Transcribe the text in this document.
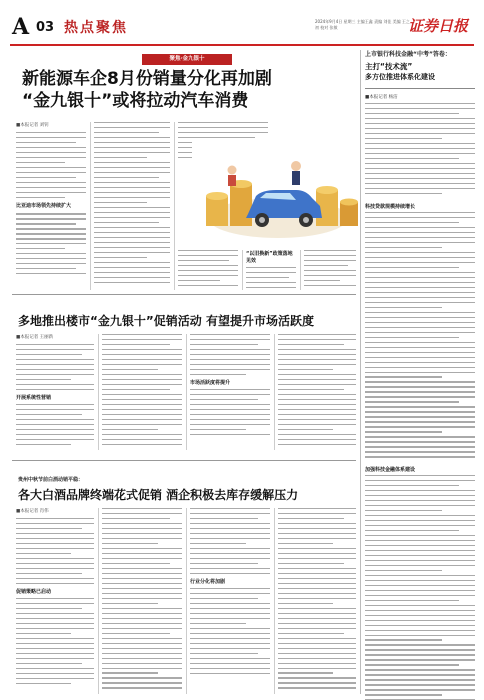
A 03 热点聚焦	2024年9月4日 星期三 主编王鑫 责编 刘佳 美编 王之初 校对 张敏	证券日报
聚焦·金九银十
新能源车企8月份销量分化再加剧
“金九银十”或将拉动汽车消费
■本报记者 刘钊
比亚迪市场领先持续扩大
“以旧换新”政策落地见效
多地推出楼市“金九银十”促销活动 有望提升市场活跃度
■本报记者 王丽新
开展系统性营销
市场活跃度将提升
贵州中秋节前白酒动销平稳：
各大白酒品牌终端花式促销 酒企积极去库存缓解压力
■本报记者 肖伟
促销策略已启动
行业分化将加剧
上市银行科技金融“中考”答卷：
主打“技术流”
多方位推进体系化建设
■本报记者 杨洁
科技贷款规模持续增长
加强科技金融体系建设
